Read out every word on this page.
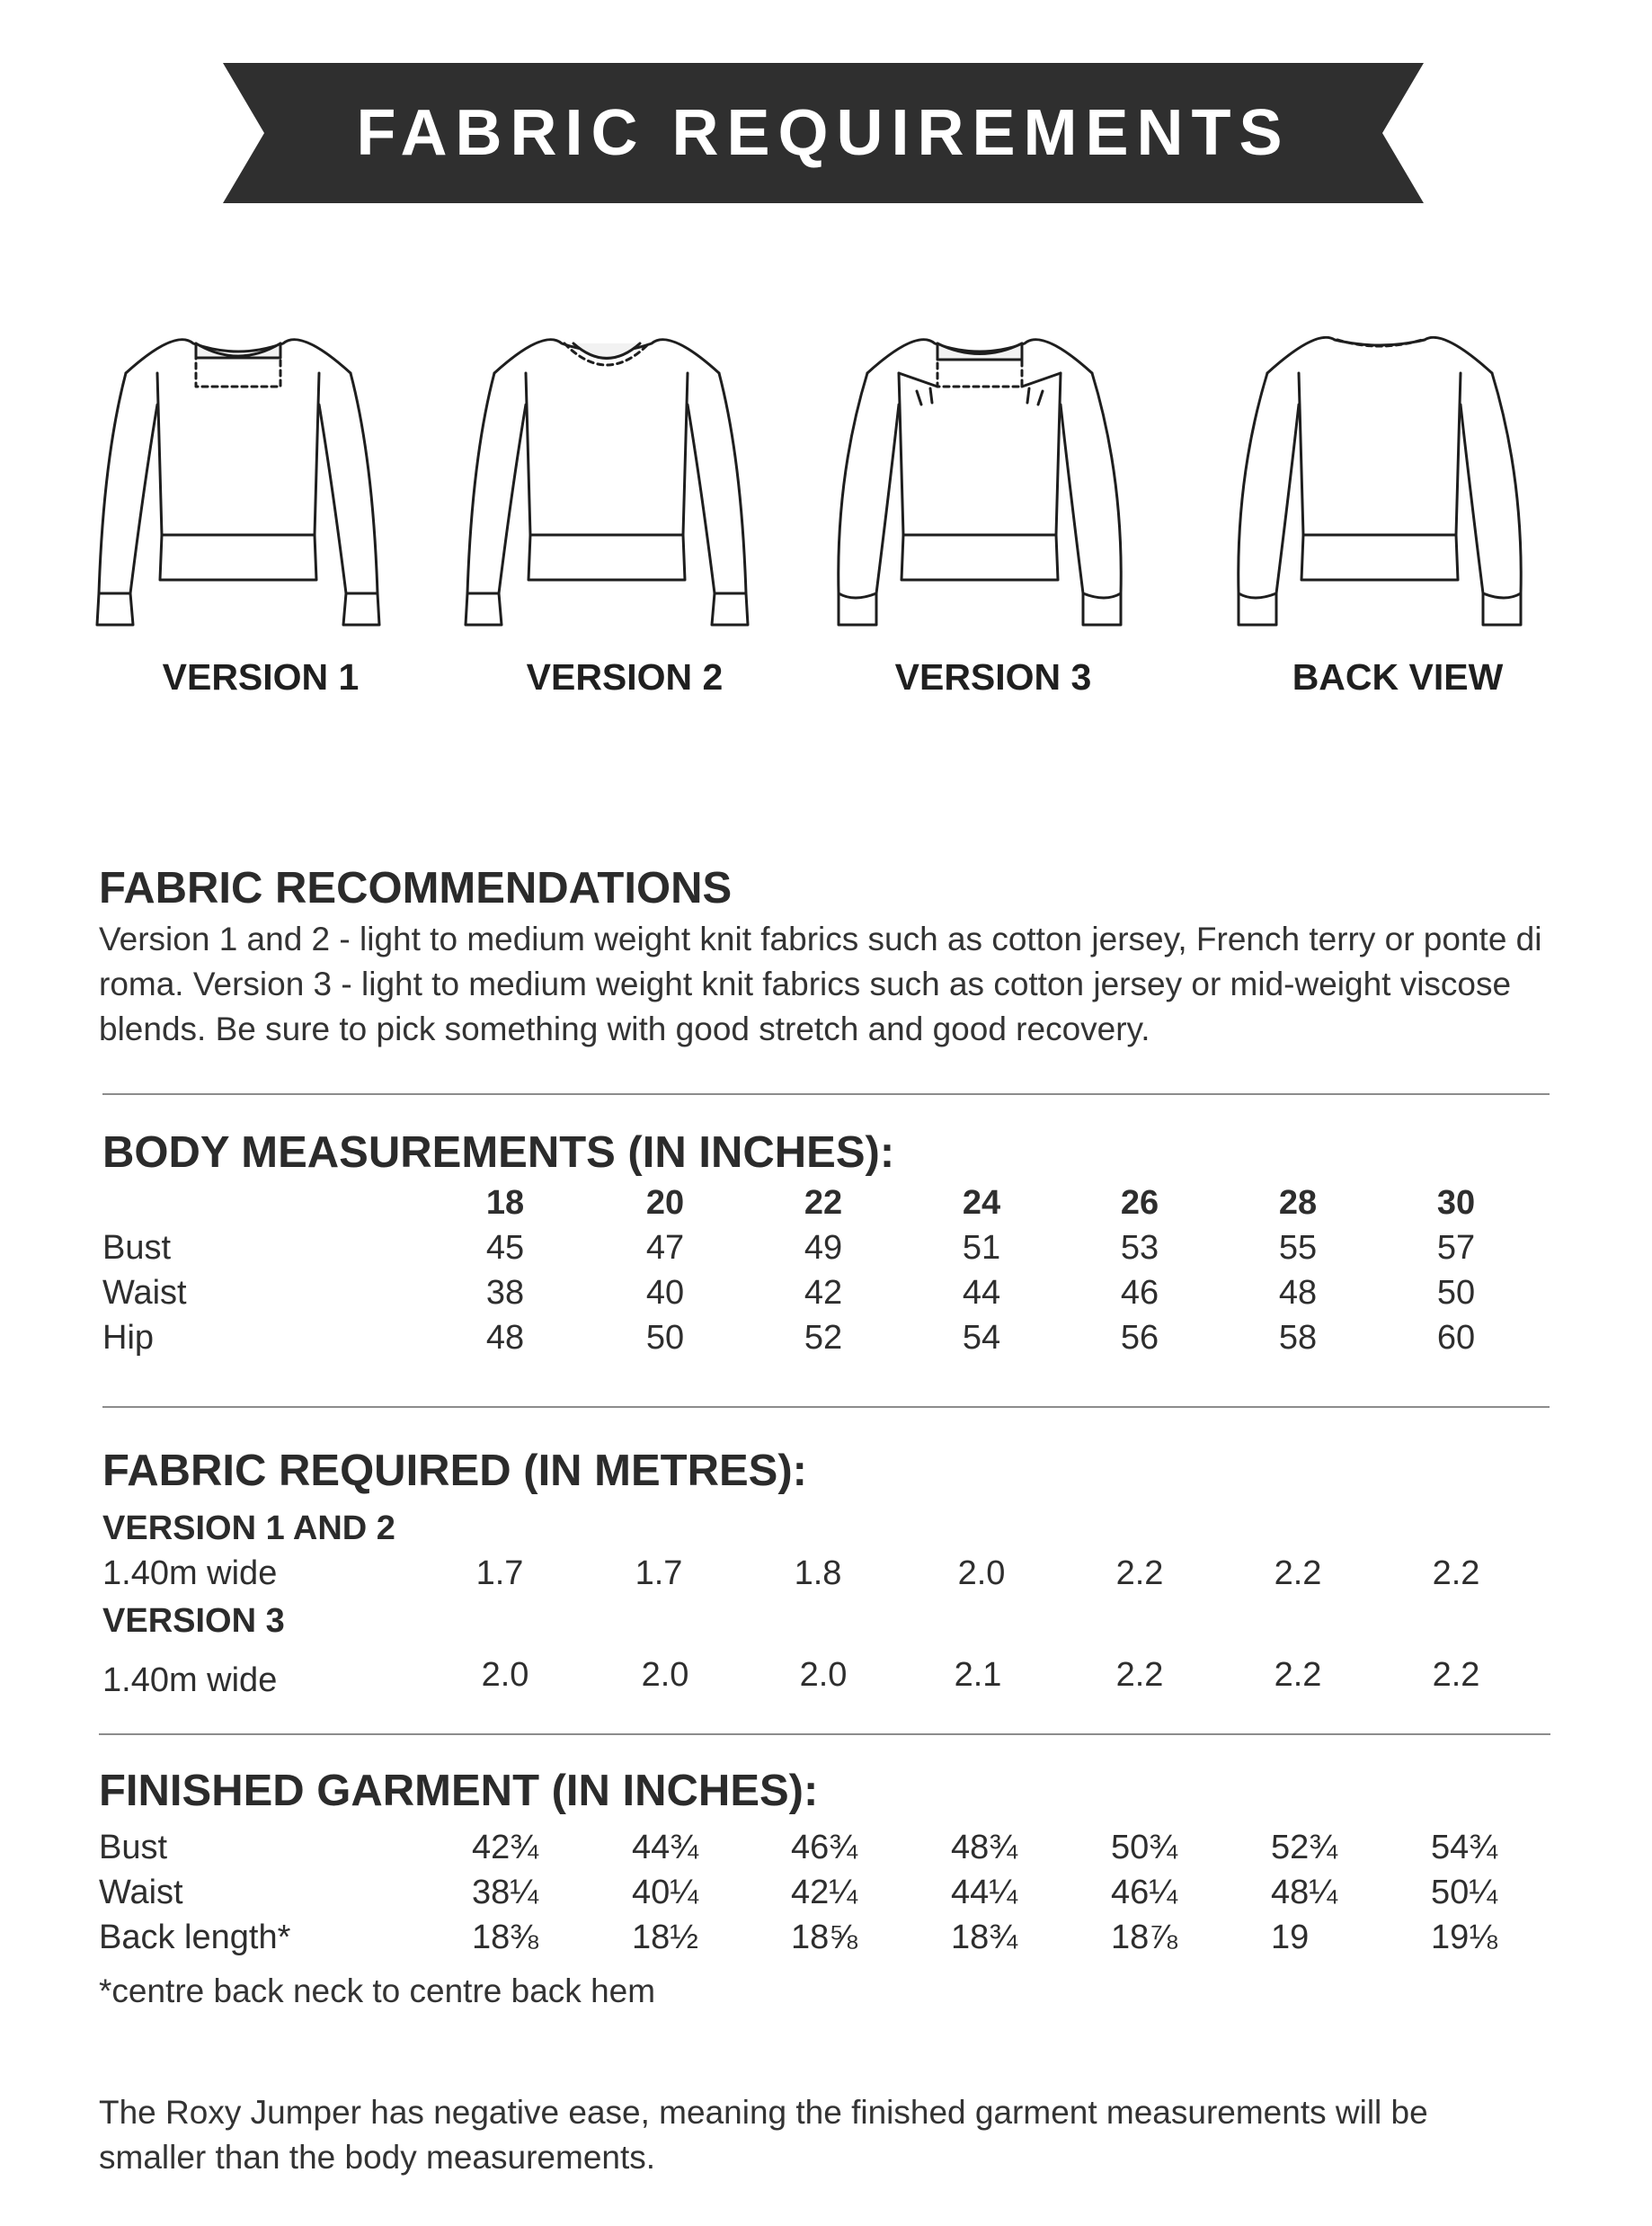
FABRIC REQUIREMENTS
VERSION 1	VERSION 2	VERSION 3	BACK VIEW
FABRIC RECOMMENDATIONS
Version 1 and 2 - light to medium weight knit fabrics such as cotton jersey, French terry or ponte di
roma. Version 3 - light to medium weight knit fabrics such as cotton jersey or mid-weight viscose
blends. Be sure to pick something with good stretch and good recovery.
BODY MEASUREMENTS (IN INCHES):
18	20	22	24	26	28	30
Bust	45	47	49	51	53	55	57
Waist	38	40	42	44	46	48	50
Hip	48	50	52	54	56	58	60
FABRIC REQUIRED (IN METRES):
VERSION 1 AND 2
1.40m wide	1.7	1.7	1.8	2.0	2.2	2.2	2.2
VERSION 3
1.40m wide	2.0	2.0	2.0	2.1	2.2	2.2	2.2
FINISHED GARMENT (IN INCHES):
Bust	42¾	44¾	46¾	48¾	50¾	52¾	54¾
Waist	38¼	40¼	42¼	44¼	46¼	48¼	50¼
Back length*	18⅜	18½	18⅝	18¾	18⅞	19	19⅛
*centre back neck to centre back hem
The Roxy Jumper has negative ease, meaning the finished garment measurements will be
smaller than the body measurements.
